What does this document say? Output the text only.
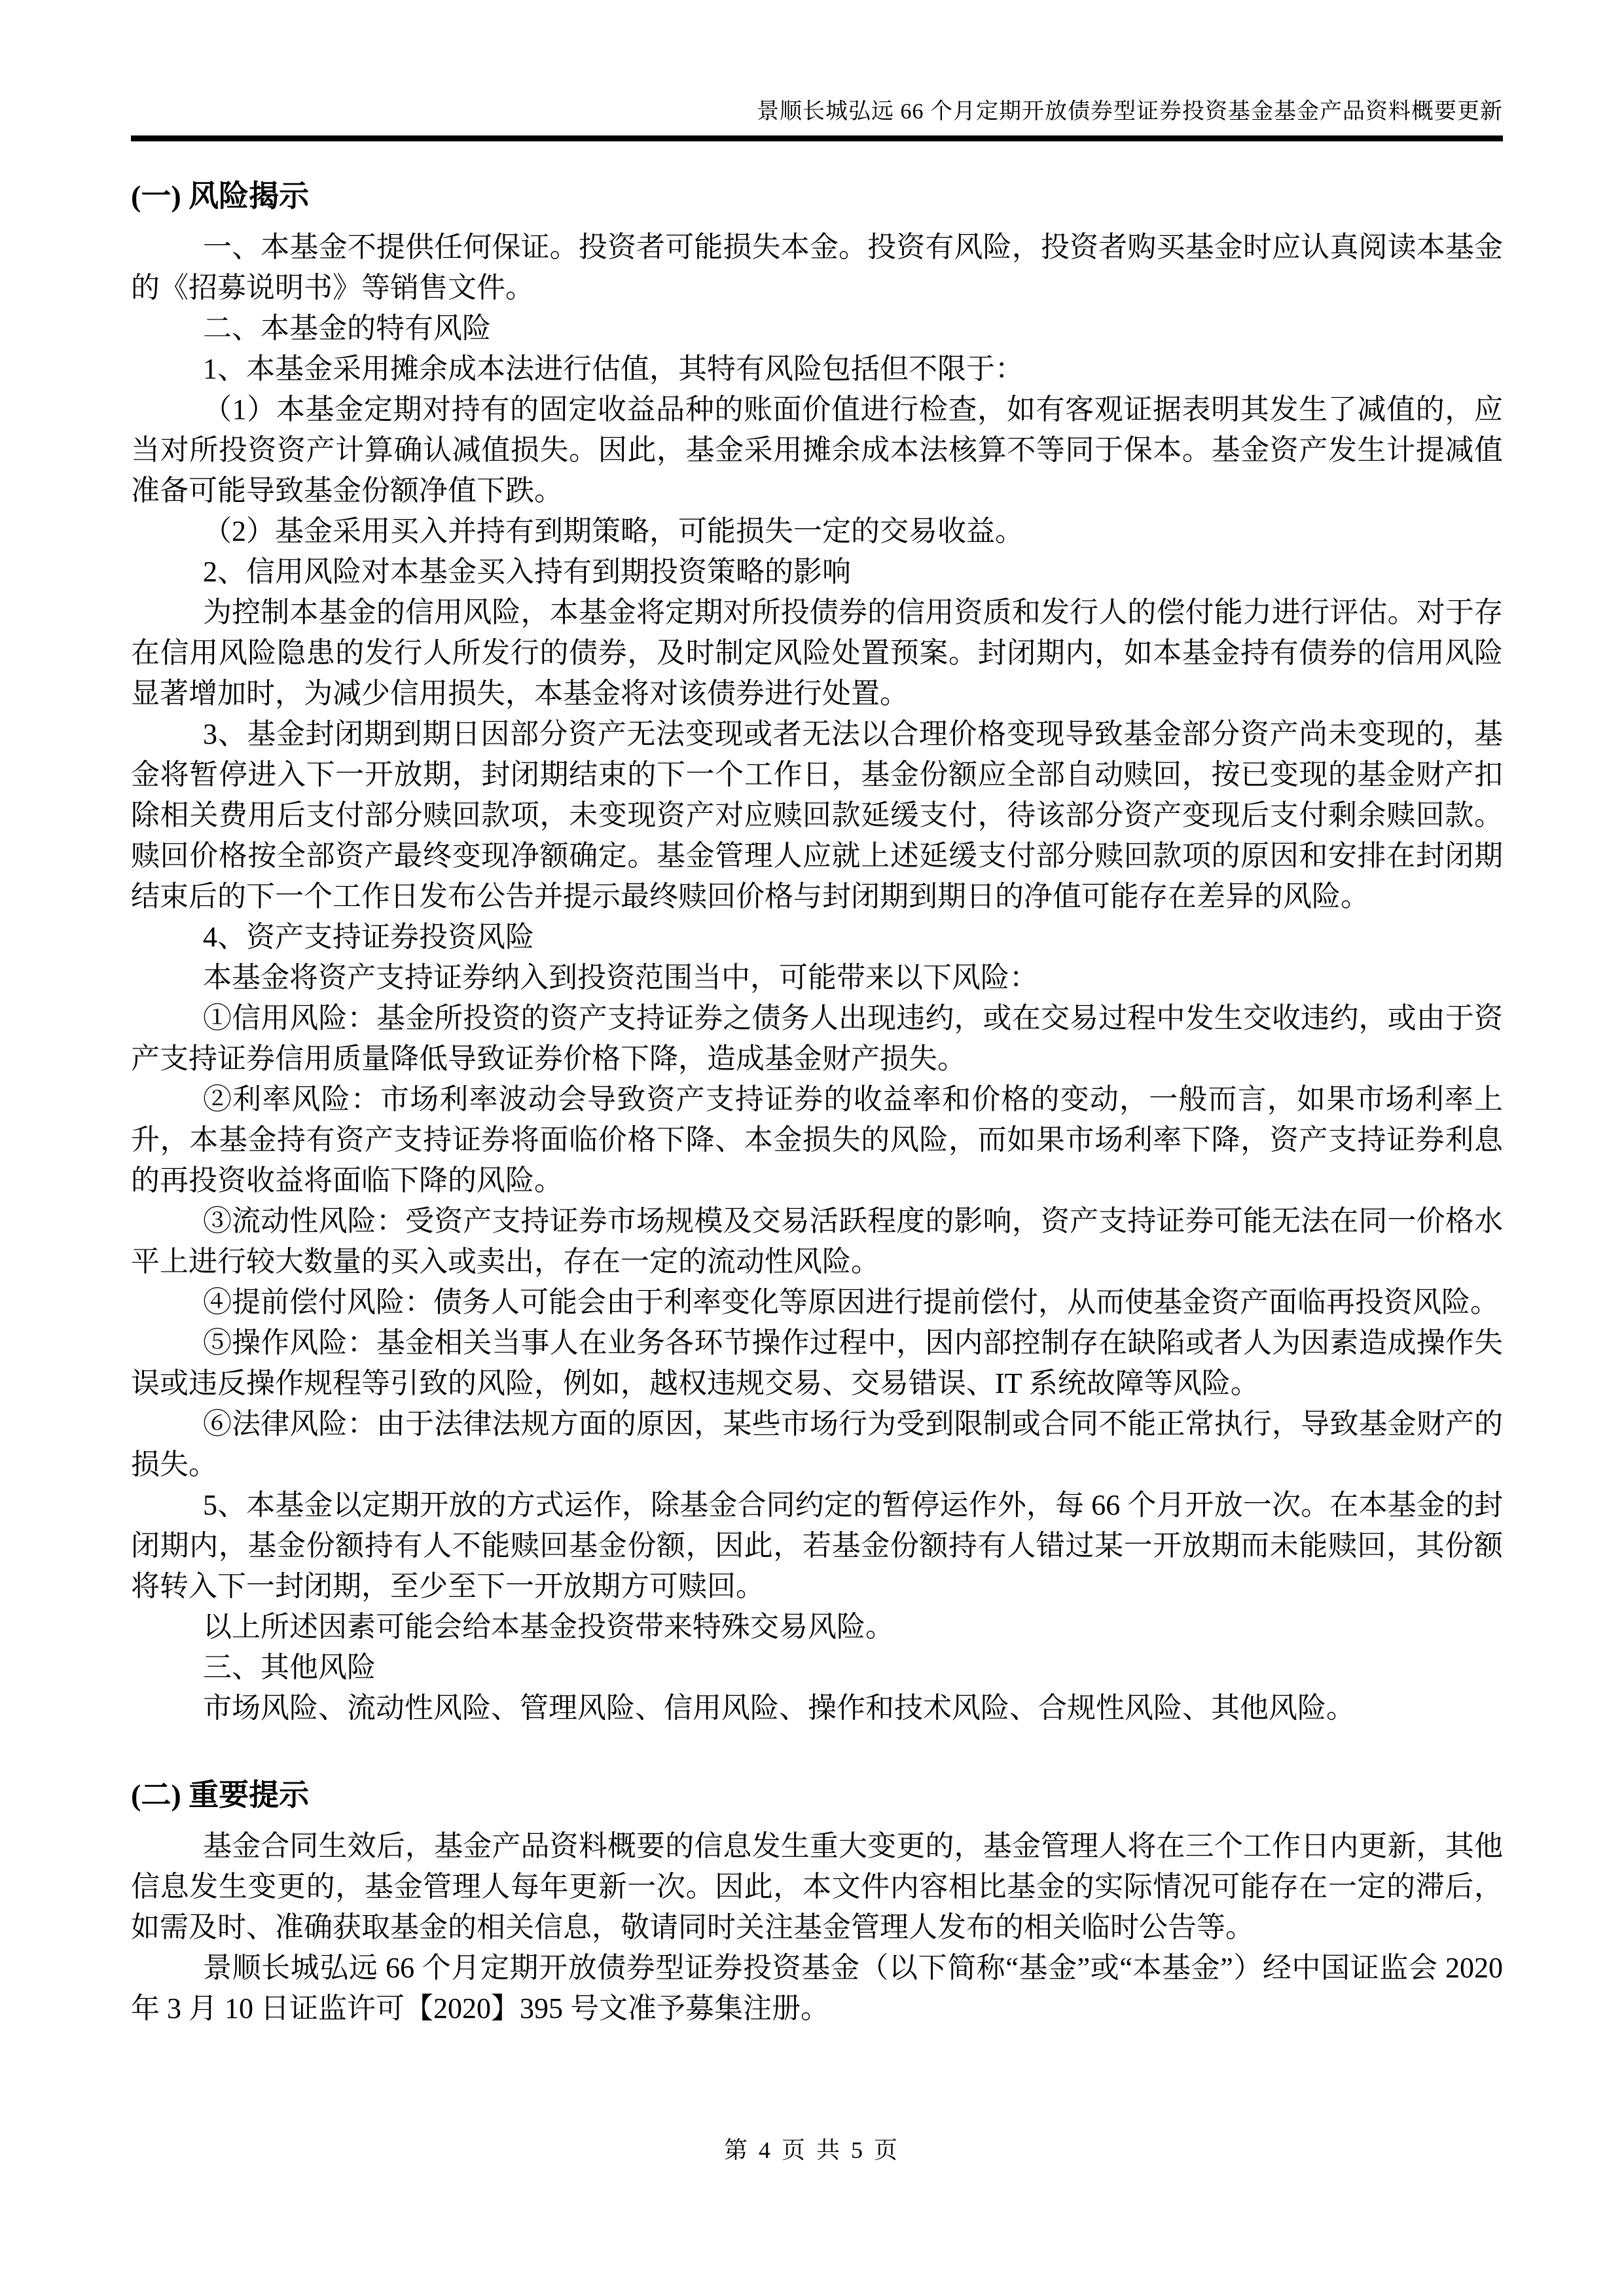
景顺长城弘远 66 个月定期开放债券型证券投资基金基金产品资料概要更新
(一) 风险揭示

一、本基金不提供任何保证。投资者可能损失本金。投资有风险，投资者购买基金时应认真阅读本基金的《招募说明书》等销售文件。

二、本基金的特有风险

1、本基金采用摊余成本法进行估值，其特有风险包括但不限于：

（1）本基金定期对持有的固定收益品种的账面价值进行检查，如有客观证据表明其发生了减值的，应当对所投资资产计算确认减值损失。因此，基金采用摊余成本法核算不等同于保本。基金资产发生计提减值准备可能导致基金份额净值下跌。

（2）基金采用买入并持有到期策略，可能损失一定的交易收益。

2、信用风险对本基金买入持有到期投资策略的影响

为控制本基金的信用风险，本基金将定期对所投债券的信用资质和发行人的偿付能力进行评估。对于存在信用风险隐患的发行人所发行的债券，及时制定风险处置预案。封闭期内，如本基金持有债券的信用风险显著增加时，为减少信用损失，本基金将对该债券进行处置。

3、基金封闭期到期日因部分资产无法变现或者无法以合理价格变现导致基金部分资产尚未变现的，基金将暂停进入下一开放期，封闭期结束的下一个工作日，基金份额应全部自动赎回，按已变现的基金财产扣除相关费用后支付部分赎回款项，未变现资产对应赎回款延缓支付，待该部分资产变现后支付剩余赎回款。赎回价格按全部资产最终变现净额确定。基金管理人应就上述延缓支付部分赎回款项的原因和安排在封闭期结束后的下一个工作日发布公告并提示最终赎回价格与封闭期到期日的净值可能存在差异的风险。

4、资产支持证券投资风险

本基金将资产支持证券纳入到投资范围当中，可能带来以下风险：

①信用风险：基金所投资的资产支持证券之债务人出现违约，或在交易过程中发生交收违约，或由于资产支持证券信用质量降低导致证券价格下降，造成基金财产损失。

②利率风险：市场利率波动会导致资产支持证券的收益率和价格的变动，一般而言，如果市场利率上升，本基金持有资产支持证券将面临价格下降、本金损失的风险，而如果市场利率下降，资产支持证券利息的再投资收益将面临下降的风险。

③流动性风险：受资产支持证券市场规模及交易活跃程度的影响，资产支持证券可能无法在同一价格水平上进行较大数量的买入或卖出，存在一定的流动性风险。

④提前偿付风险：债务人可能会由于利率变化等原因进行提前偿付，从而使基金资产面临再投资风险。

⑤操作风险：基金相关当事人在业务各环节操作过程中，因内部控制存在缺陷或者人为因素造成操作失误或违反操作规程等引致的风险，例如，越权违规交易、交易错误、IT 系统故障等风险。

⑥法律风险：由于法律法规方面的原因，某些市场行为受到限制或合同不能正常执行，导致基金财产的损失。

5、本基金以定期开放的方式运作，除基金合同约定的暂停运作外，每 66 个月开放一次。在本基金的封闭期内，基金份额持有人不能赎回基金份额，因此，若基金份额持有人错过某一开放期而未能赎回，其份额将转入下一封闭期，至少至下一开放期方可赎回。

以上所述因素可能会给本基金投资带来特殊交易风险。

三、其他风险

市场风险、流动性风险、管理风险、信用风险、操作和技术风险、合规性风险、其他风险。

(二) 重要提示

基金合同生效后，基金产品资料概要的信息发生重大变更的，基金管理人将在三个工作日内更新，其他信息发生变更的，基金管理人每年更新一次。因此，本文件内容相比基金的实际情况可能存在一定的滞后，如需及时、准确获取基金的相关信息，敬请同时关注基金管理人发布的相关临时公告等。

景顺长城弘远 66 个月定期开放债券型证券投资基金（以下简称“基金”或“本基金”）经中国证监会 2020 年 3 月 10 日证监许可【2020】395 号文准予募集注册。

第 4 页 共 5 页
